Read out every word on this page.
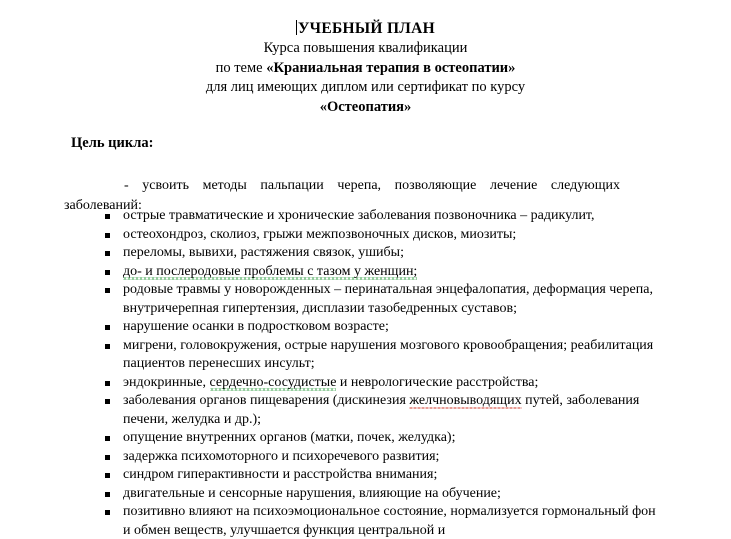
УЧЕБНЫЙ ПЛАН
Курса повышения квалификации
по теме «Краниальная терапия в остеопатии»
для лиц имеющих диплом или сертификат по курсу
«Остеопатия»
Цель цикла:
- усвоить методы пальпации черепа, позволяющие лечение следующих заболеваний:
острые травматические и хронические заболевания позвоночника – радикулит,
остеохондроз, сколиоз, грыжи межпозвоночных дисков, миозиты;
переломы, вывихи, растяжения связок, ушибы;
до- и послеродовые проблемы с тазом у женщин;
родовые травмы у новорожденных – перинатальная энцефалопатия, деформация черепа, внутричерепная гипертензия, дисплазии тазобедренных суставов;
нарушение осанки в подростковом возрасте;
мигрени, головокружения, острые нарушения мозгового кровообращения; реабилитация пациентов перенесших инсульт;
эндокринные, сердечно-сосудистые и неврологические расстройства;
заболевания органов пищеварения (дискинезия желчновыводящих путей, заболевания печени, желудка и др.);
опущение внутренних органов (матки, почек, желудка);
задержка психомоторного и психоречевого развития;
синдром гиперактивности и расстройства внимания;
двигательные и сенсорные нарушения, влияющие на обучение;
позитивно влияют на психоэмоциональное состояние, нормализуется гормональный фон и обмен веществ, улучшается функция центральной и
